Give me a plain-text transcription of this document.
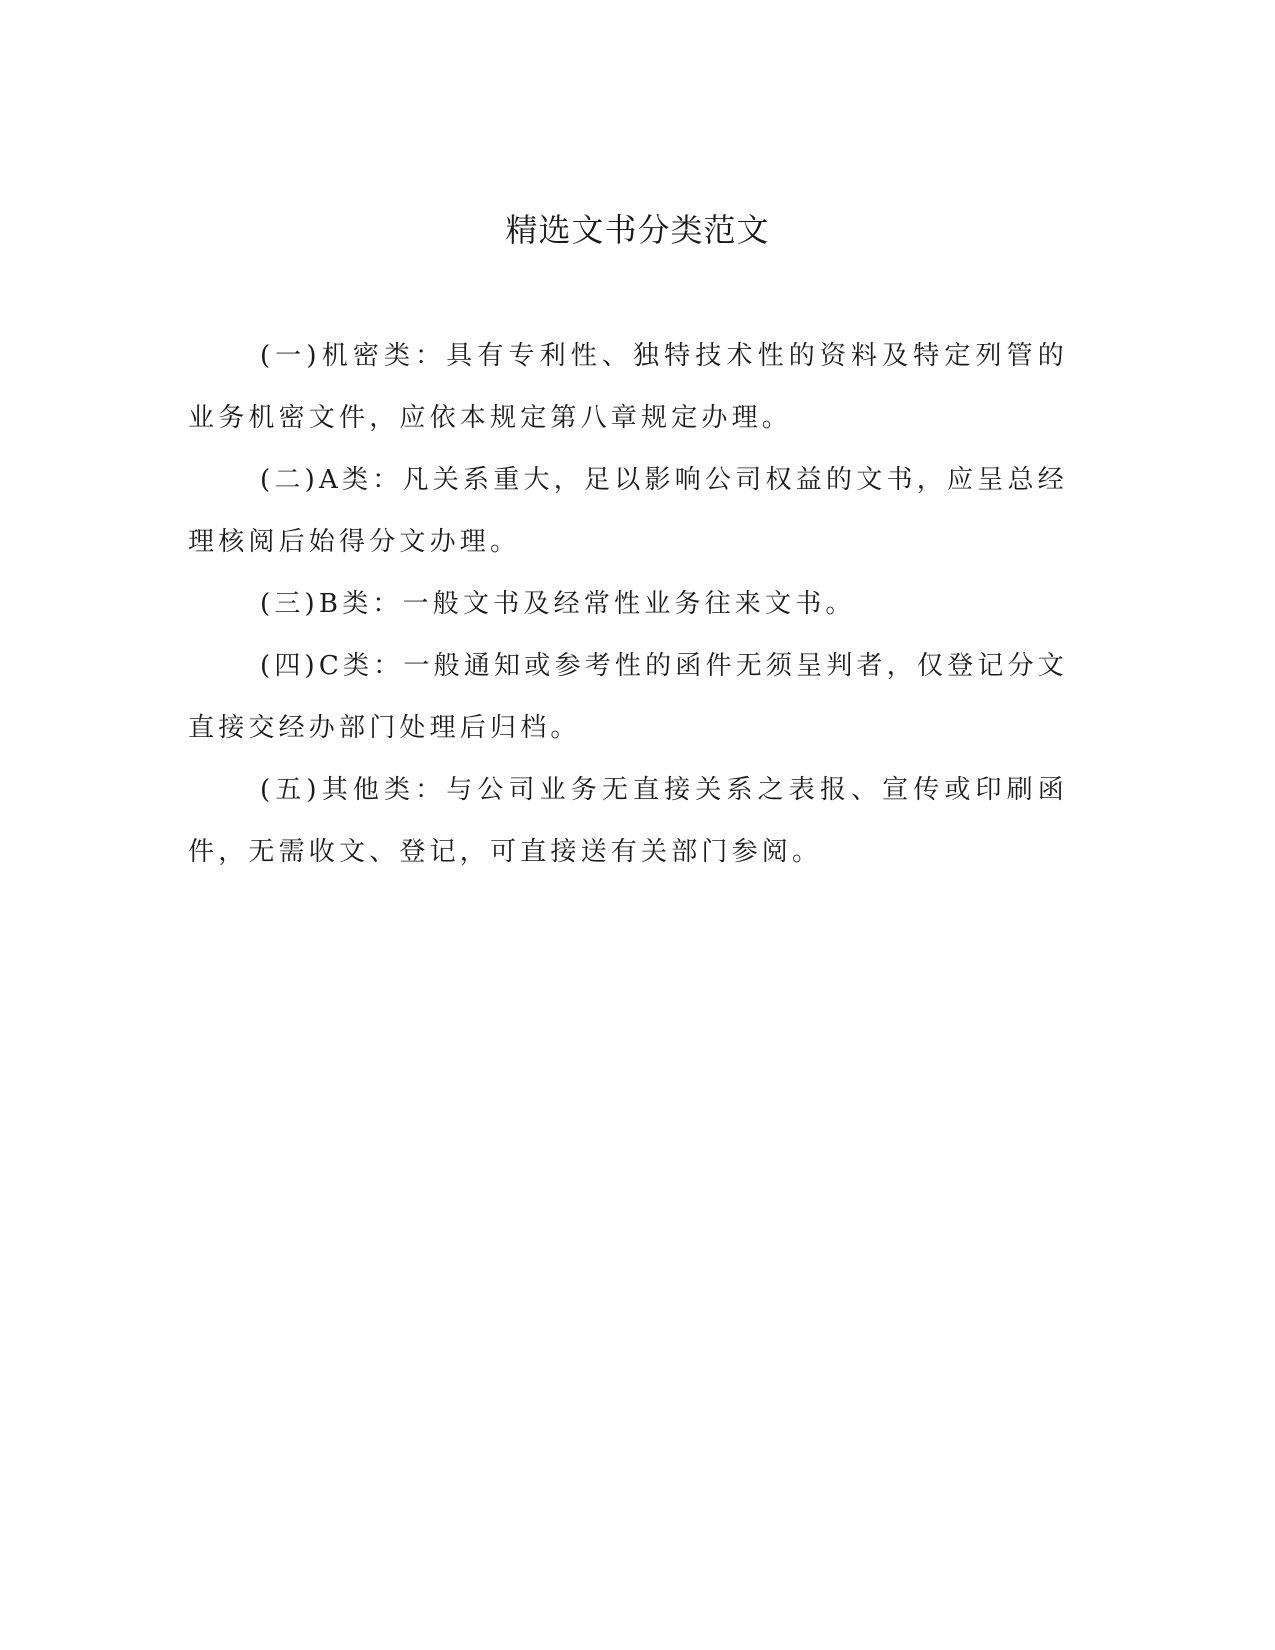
精选文书分类范文

(一)机密类：具有专利性、独特技术性的资料及特定列管的业务机密文件，应依本规定第八章规定办理。

(二)A类：凡关系重大，足以影响公司权益的文书，应呈总经理核阅后始得分文办理。

(三)B类：一般文书及经常性业务往来文书。

(四)C类：一般通知或参考性的函件无须呈判者，仅登记分文直接交经办部门处理后归档。

(五)其他类：与公司业务无直接关系之表报、宣传或印刷函件，无需收文、登记，可直接送有关部门参阅。
